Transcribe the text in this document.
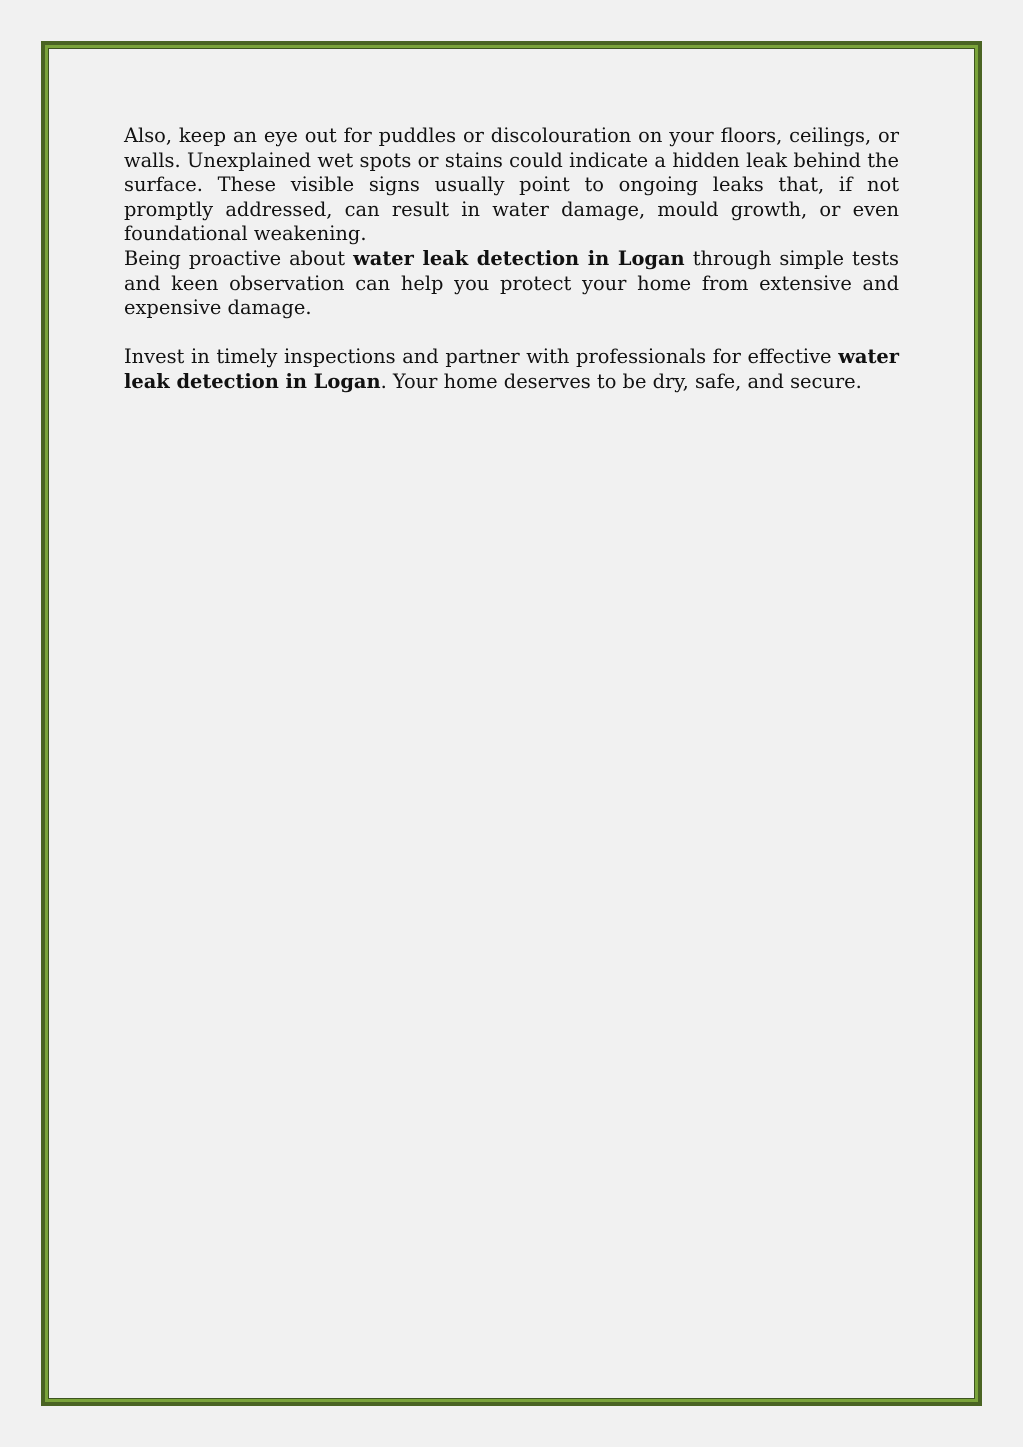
Also, keep an eye out for puddles or discolouration on your floors, ceilings, or walls. Unexplained wet spots or stains could indicate a hidden leak behind the surface. These visible signs usually point to ongoing leaks that, if not promptly addressed, can result in water damage, mould growth, or even foundational weakening.

Being proactive about water leak detection in Logan through simple tests and keen observation can help you protect your home from extensive and expensive damage.

Invest in timely inspections and partner with professionals for effective water leak detection in Logan. Your home deserves to be dry, safe, and secure.
